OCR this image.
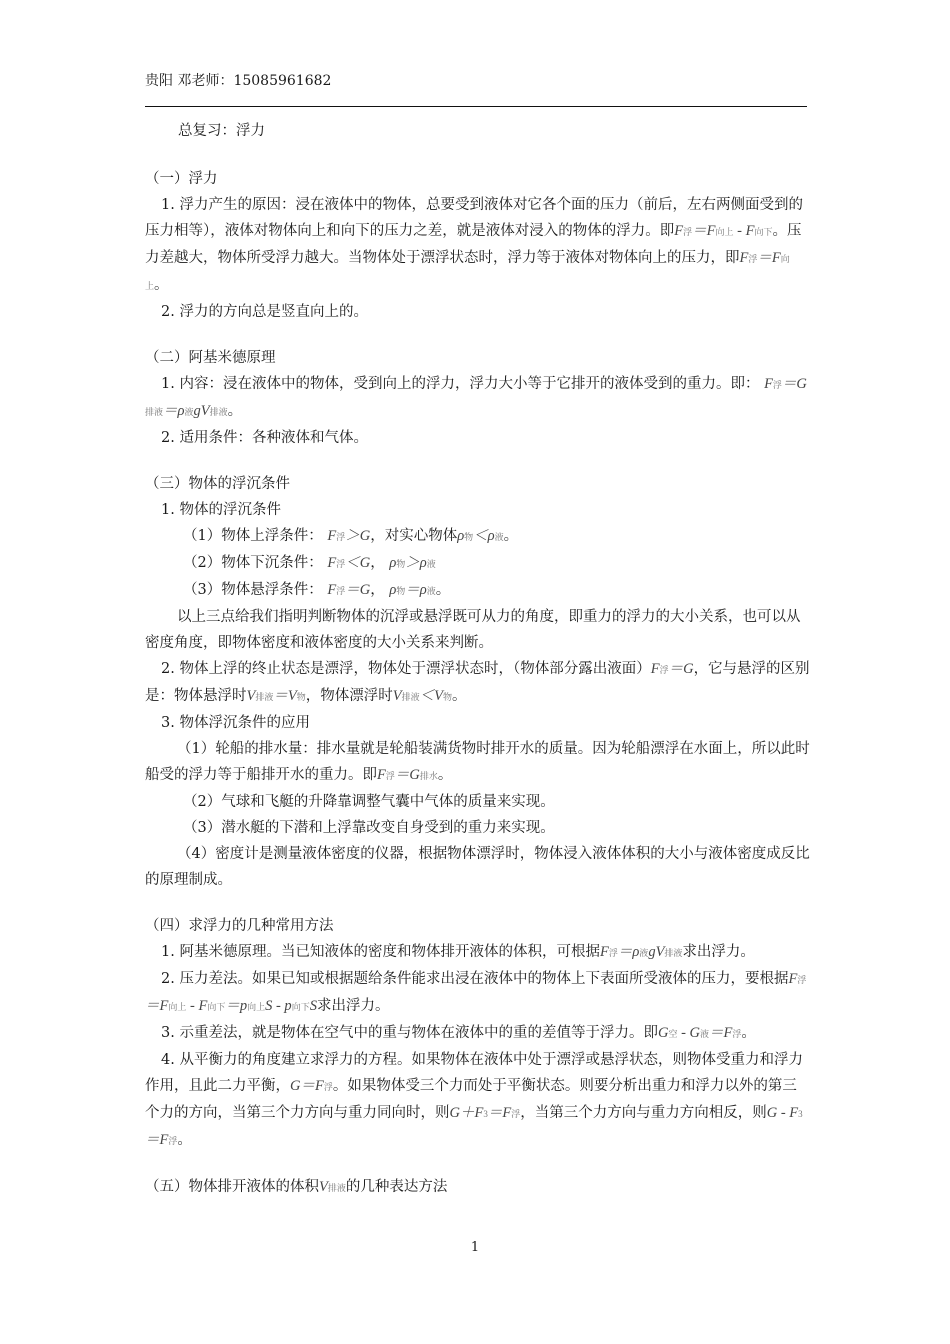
贵阳 邓老师：15085961682

总复习：浮力

（一）浮力

1. 浮力产生的原因：浸在液体中的物体，总要受到液体对它各个面的压力（前后，左右两侧面受到的压力相等），液体对物体向上和向下的压力之差，就是液体对浸入的物体的浮力。即F浮＝F向上 - F向下。压力差越大，物体所受浮力越大。当物体处于漂浮状态时，浮力等于液体对物体向上的压力，即F浮＝F向上。

2. 浮力的方向总是竖直向上的。

（二）阿基米德原理

1. 内容：浸在液体中的物体，受到向上的浮力，浮力大小等于它排开的液体受到的重力。即： F浮＝G排液＝ρ液gV排液。

2. 适用条件：各种液体和气体。

（三）物体的浮沉条件

1. 物体的浮沉条件

（1）物体上浮条件： F浮＞G，对实心物体ρ物＜ρ液。

（2）物体下沉条件： F浮＜G， ρ物＞ρ液

（3）物体悬浮条件： F浮＝G， ρ物＝ρ液。

以上三点给我们指明判断物体的沉浮或悬浮既可从力的角度，即重力的浮力的大小关系，也可以从密度角度，即物体密度和液体密度的大小关系来判断。

2. 物体上浮的终止状态是漂浮，物体处于漂浮状态时，（物体部分露出液面）F浮＝G，它与悬浮的区别是：物体悬浮时V排液＝V物，物体漂浮时V排液＜V物。

3. 物体浮沉条件的应用

（1）轮船的排水量：排水量就是轮船装满货物时排开水的质量。因为轮船漂浮在水面上，所以此时船受的浮力等于船排开水的重力。即F浮＝G排水。

（2）气球和飞艇的升降靠调整气囊中气体的质量来实现。

（3）潜水艇的下潜和上浮靠改变自身受到的重力来实现。

（4）密度计是测量液体密度的仪器，根据物体漂浮时，物体浸入液体体积的大小与液体密度成反比的原理制成。

（四）求浮力的几种常用方法

1. 阿基米德原理。当已知液体的密度和物体排开液体的体积，可根据F浮＝ρ液gV排液求出浮力。

2. 压力差法。如果已知或根据题给条件能求出浸在液体中的物体上下表面所受液体的压力，要根据F浮＝F向上 - F向下＝p向上S - p向下S求出浮力。

3. 示重差法，就是物体在空气中的重与物体在液体中的重的差值等于浮力。即G空 - G液＝F浮。

4. 从平衡力的角度建立求浮力的方程。如果物体在液体中处于漂浮或悬浮状态，则物体受重力和浮力作用，且此二力平衡，G＝F浮。如果物体受三个力而处于平衡状态。则要分析出重力和浮力以外的第三个力的方向，当第三个力方向与重力同向时，则G＋F3＝F浮，当第三个力方向与重力方向相反，则G - F3＝F浮。

（五）物体排开液体的体积V排液的几种表达方法

1
